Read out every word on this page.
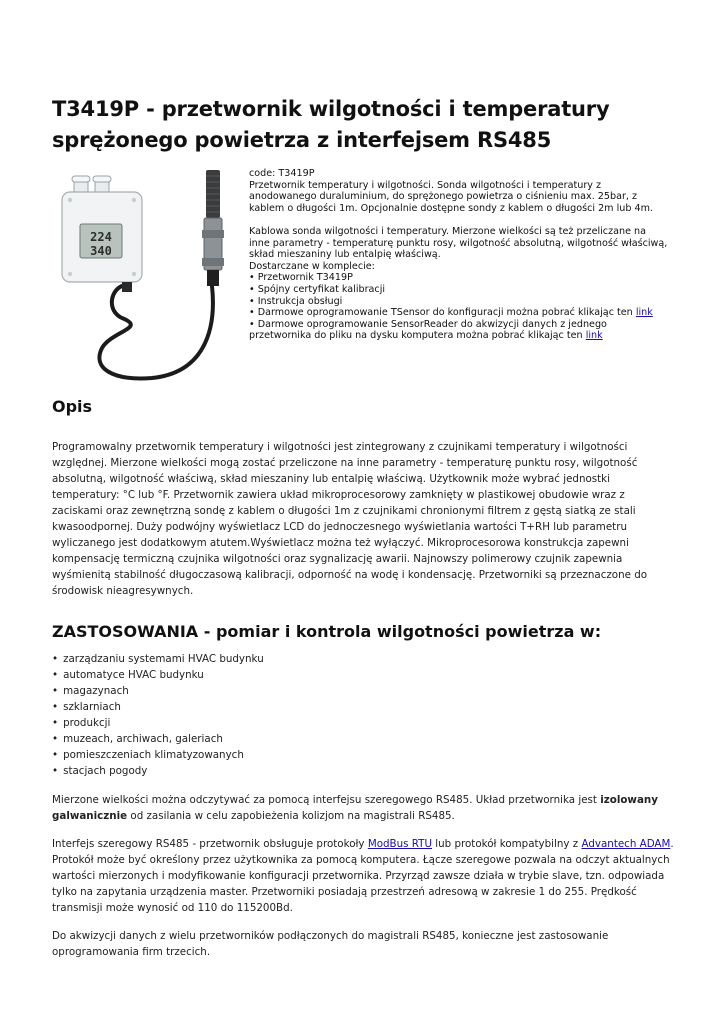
T3419P - przetwornik wilgotności i temperatury sprężonego powietrza z interfejsem RS485
224
340

code: T3419P

Przetwornik temperatury i wilgotności. Sonda wilgotności i temperatury z anodowanego duraluminium, do sprężonego powietrza o ciśnieniu max. 25bar, z kablem o długości 1m. Opcjonalnie dostępne sondy z kablem o długości 2m lub 4m.

Kablowa sonda wilgotności i temperatury. Mierzone wielkości są też przeliczane na inne parametry - temperaturę punktu rosy, wilgotność absolutną, wilgotność właściwą, skład mieszaniny lub entalpię właściwą.

Dostarczane w komplecie:

• Przetwornik T3419P

• Spójny certyfikat kalibracji

• Instrukcja obsługi

• Darmowe oprogramowanie TSensor do konfiguracji można pobrać klikając ten link

• Darmowe oprogramowanie SensorReader do akwizycji danych z jednego przetwornika do pliku na dysku komputera można pobrać klikając ten link

Opis

Programowalny przetwornik temperatury i wilgotności jest zintegrowany z czujnikami temperatury i wilgotności względnej. Mierzone wielkości mogą zostać przeliczone na inne parametry - temperaturę punktu rosy, wilgotność absolutną, wilgotność właściwą, skład mieszaniny lub entalpię właściwą. Użytkownik może wybrać jednostki temperatury: °C lub °F. Przetwornik zawiera układ mikroprocesorowy zamknięty w plastikowej obudowie wraz z zaciskami oraz zewnętrzną sondę z kablem o długości 1m z czujnikami chronionymi filtrem z gęstą siatką ze stali kwasoodpornej. Duży podwójny wyświetlacz LCD do jednoczesnego wyświetlania wartości T+RH lub parametru wyliczanego jest dodatkowym atutem.Wyświetlacz można też wyłączyć. Mikroprocesorowa konstrukcja zapewni kompensację termiczną czujnika wilgotności oraz sygnalizację awarii. Najnowszy polimerowy czujnik zapewnia wyśmienitą stabilność długoczasową kalibracji, odporność na wodę i kondensację. Przetworniki są przeznaczone do środowisk nieagresywnych.

ZASTOSOWANIA - pomiar i kontrola wilgotności powietrza w:
• zarządzaniu systemami HVAC budynku
• automatyce HVAC budynku
• magazynach
• szklarniach
• produkcji
• muzeach, archiwach, galeriach
• pomieszczeniach klimatyzowanych
• stacjach pogody

Mierzone wielkości można odczytywać za pomocą interfejsu szeregowego RS485. Układ przetwornika jest izolowany galwanicznie od zasilania w celu zapobieżenia kolizjom na magistrali RS485.

Interfejs szeregowy RS485 - przetwornik obsługuje protokoły ModBus RTU lub protokół kompatybilny z Advantech ADAM. Protokół może być określony przez użytkownika za pomocą komputera. Łącze szeregowe pozwala na odczyt aktualnych wartości mierzonych i modyfikowanie konfiguracji przetwornika. Przyrząd zawsze działa w trybie slave, tzn. odpowiada tylko na zapytania urządzenia master. Przetworniki posiadają przestrzeń adresową w zakresie 1 do 255. Prędkość transmisji może wynosić od 110 do 115200Bd.

Do akwizycji danych z wielu przetworników podłączonych do magistrali RS485, konieczne jest zastosowanie oprogramowania firm trzecich.
